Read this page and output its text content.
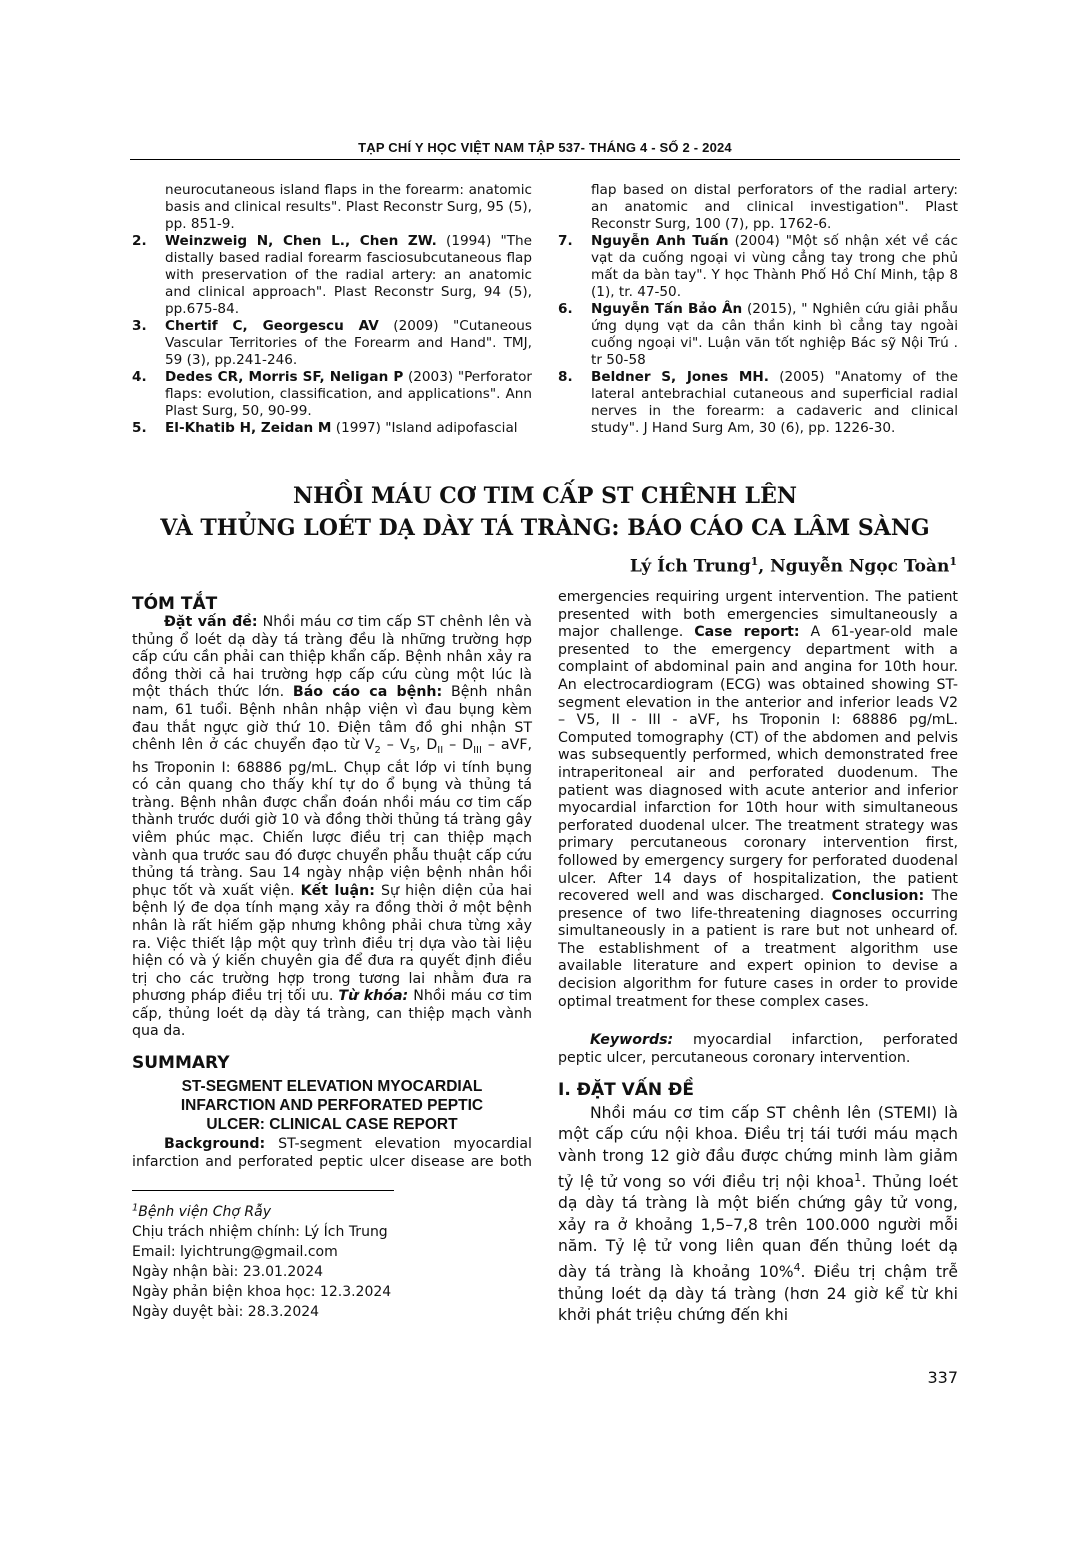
TẠP CHÍ Y HỌC VIỆT NAM TẬP 537- THÁNG 4 - SỐ 2 - 2024
neurocutaneous island flaps in the forearm: anatomic basis and clinical results". Plast Reconstr Surg, 95 (5), pp. 851-9.
2. Weinzweig N, Chen L., Chen ZW. (1994) "The distally based radial forearm fasciosubcutaneous flap with preservation of the radial artery: an anatomic and clinical approach". Plast Reconstr Surg, 94 (5), pp.675-84.
3. Chertif C, Georgescu AV (2009) "Cutaneous Vascular Territories of the Forearm and Hand". TMJ, 59 (3), pp.241-246.
4. Dedes CR, Morris SF, Neligan P (2003) "Perforator flaps: evolution, classification, and applications". Ann Plast Surg, 50, 90-99.
5. El-Khatib H, Zeidan M (1997) "Island adipofascial
flap based on distal perforators of the radial artery: an anatomic and clinical investigation". Plast Reconstr Surg, 100 (7), pp. 1762-6.
7. Nguyễn Anh Tuấn (2004) "Một số nhận xét về các vạt da cuống ngoại vi vùng cẳng tay trong che phủ mất da bàn tay". Y học Thành Phố Hồ Chí Minh, tập 8 (1), tr. 47-50.
6. Nguyễn Tấn Bảo Ân (2015), " Nghiên cứu giải phẫu ứng dụng vạt da cân thần kinh bì cẳng tay ngoài cuống ngoại vi". Luận văn tốt nghiệp Bác sỹ Nội Trú . tr 50-58
8. Beldner S, Jones MH. (2005) "Anatomy of the lateral antebrachial cutaneous and superficial radial nerves in the forearm: a cadaveric and clinical study". J Hand Surg Am, 30 (6), pp. 1226-30.
NHỒI MÁU CƠ TIM CẤP ST CHÊNH LÊN
VÀ THỦNG LOÉT DẠ DÀY TÁ TRÀNG: BÁO CÁO CA LÂM SÀNG
Lý Ích Trung$^1$, Nguyễn Ngọc Toàn$^1$
TÓM TẮT

Đặt vấn đề: Nhồi máu cơ tim cấp ST chênh lên và thủng ổ loét dạ dày tá tràng đều là những trường hợp cấp cứu cần phải can thiệp khẩn cấp. Bệnh nhân xảy ra đồng thời cả hai trường hợp cấp cứu cùng một lúc là một thách thức lớn. Báo cáo ca bệnh: Bệnh nhân nam, 61 tuổi. Bệnh nhân nhập viện vì đau bụng kèm đau thắt ngực giờ thứ 10. Điện tâm đồ ghi nhận ST chênh lên ở các chuyển đạo từ $V_2 - V_5$, $D_{II} - D_{III}$ – aVF, hs Troponin I: 68886 pg/mL. Chụp cắt lớp vi tính bụng có cản quang cho thấy khí tự do ổ bụng và thủng tá tràng. Bệnh nhân được chẩn đoán nhồi máu cơ tim cấp thành trước dưới giờ 10 và đồng thời thủng tá tràng gây viêm phúc mạc. Chiến lược điều trị can thiệp mạch vành qua trước sau đó được chuyển phẫu thuật cấp cứu thủng tá tràng. Sau 14 ngày nhập viện bệnh nhân hồi phục tốt và xuất viện. Kết luận: Sự hiện diện của hai bệnh lý đe dọa tính mạng xảy ra đồng thời ở một bệnh nhân là rất hiếm gặp nhưng không phải chưa từng xảy ra. Việc thiết lập một quy trình điều trị dựa vào tài liệu hiện có và ý kiến chuyên gia để đưa ra quyết định điều trị cho các trường hợp trong tương lai nhằm đưa ra phương pháp điều trị tối ưu. Từ khóa: Nhồi máu cơ tim cấp, thủng loét dạ dày tá tràng, can thiệp mạch vành qua da.

SUMMARY
ST-SEGMENT ELEVATION MYOCARDIAL
INFARCTION AND PERFORATED PEPTIC
ULCER: CLINICAL CASE REPORT

Background: ST-segment elevation myocardial infarction and perforated peptic ulcer disease are both

emergencies requiring urgent intervention. The patient presented with both emergencies simultaneously a major challenge. Case report: A 61-year-old male presented to the emergency department with a complaint of abdominal pain and angina for 10th hour. An electrocardiogram (ECG) was obtained showing ST-segment elevation in the anterior and inferior leads V2 – V5, II - III - aVF, hs Troponin I: 68886 pg/mL. Computed tomography (CT) of the abdomen and pelvis was subsequently performed, which demonstrated free intraperitoneal air and perforated duodenum. The patient was diagnosed with acute anterior and inferior myocardial infarction for 10th hour with simultaneous perforated duodenal ulcer. The treatment strategy was primary percutaneous coronary intervention first, followed by emergency surgery for perforated duodenal ulcer. After 14 days of hospitalization, the patient recovered well and was discharged. Conclusion: The presence of two life-threatening diagnoses occurring simultaneously in a patient is rare but not unheard of. The establishment of a treatment algorithm use available literature and expert opinion to devise a decision algorithm for future cases in order to provide optimal treatment for these complex cases.

Keywords: myocardial infarction, perforated peptic ulcer, percutaneous coronary intervention.

I. ĐẶT VẤN ĐỀ

Nhồi máu cơ tim cấp ST chênh lên (STEMI) là một cấp cứu nội khoa. Điều trị tái tưới máu mạch vành trong 12 giờ đầu được chứng minh làm giảm tỷ lệ tử vong so với điều trị nội khoa$^1$. Thủng loét dạ dày tá tràng là một biến chứng gây tử vong, xảy ra ở khoảng 1,5–7,8 trên 100.000 người mỗi năm. Tỷ lệ tử vong liên quan đến thủng loét dạ dày tá tràng là khoảng 10%$^4$. Điều trị chậm trễ thủng loét dạ dày tá tràng (hơn 24 giờ kể từ khi khởi phát triệu chứng đến khi

$^1$Bệnh viện Chợ Rẫy
Chịu trách nhiệm chính: Lý Ích Trung
Email: lyichtrung@gmail.com
Ngày nhận bài: 23.01.2024
Ngày phản biện khoa học: 12.3.2024
Ngày duyệt bài: 28.3.2024
337
